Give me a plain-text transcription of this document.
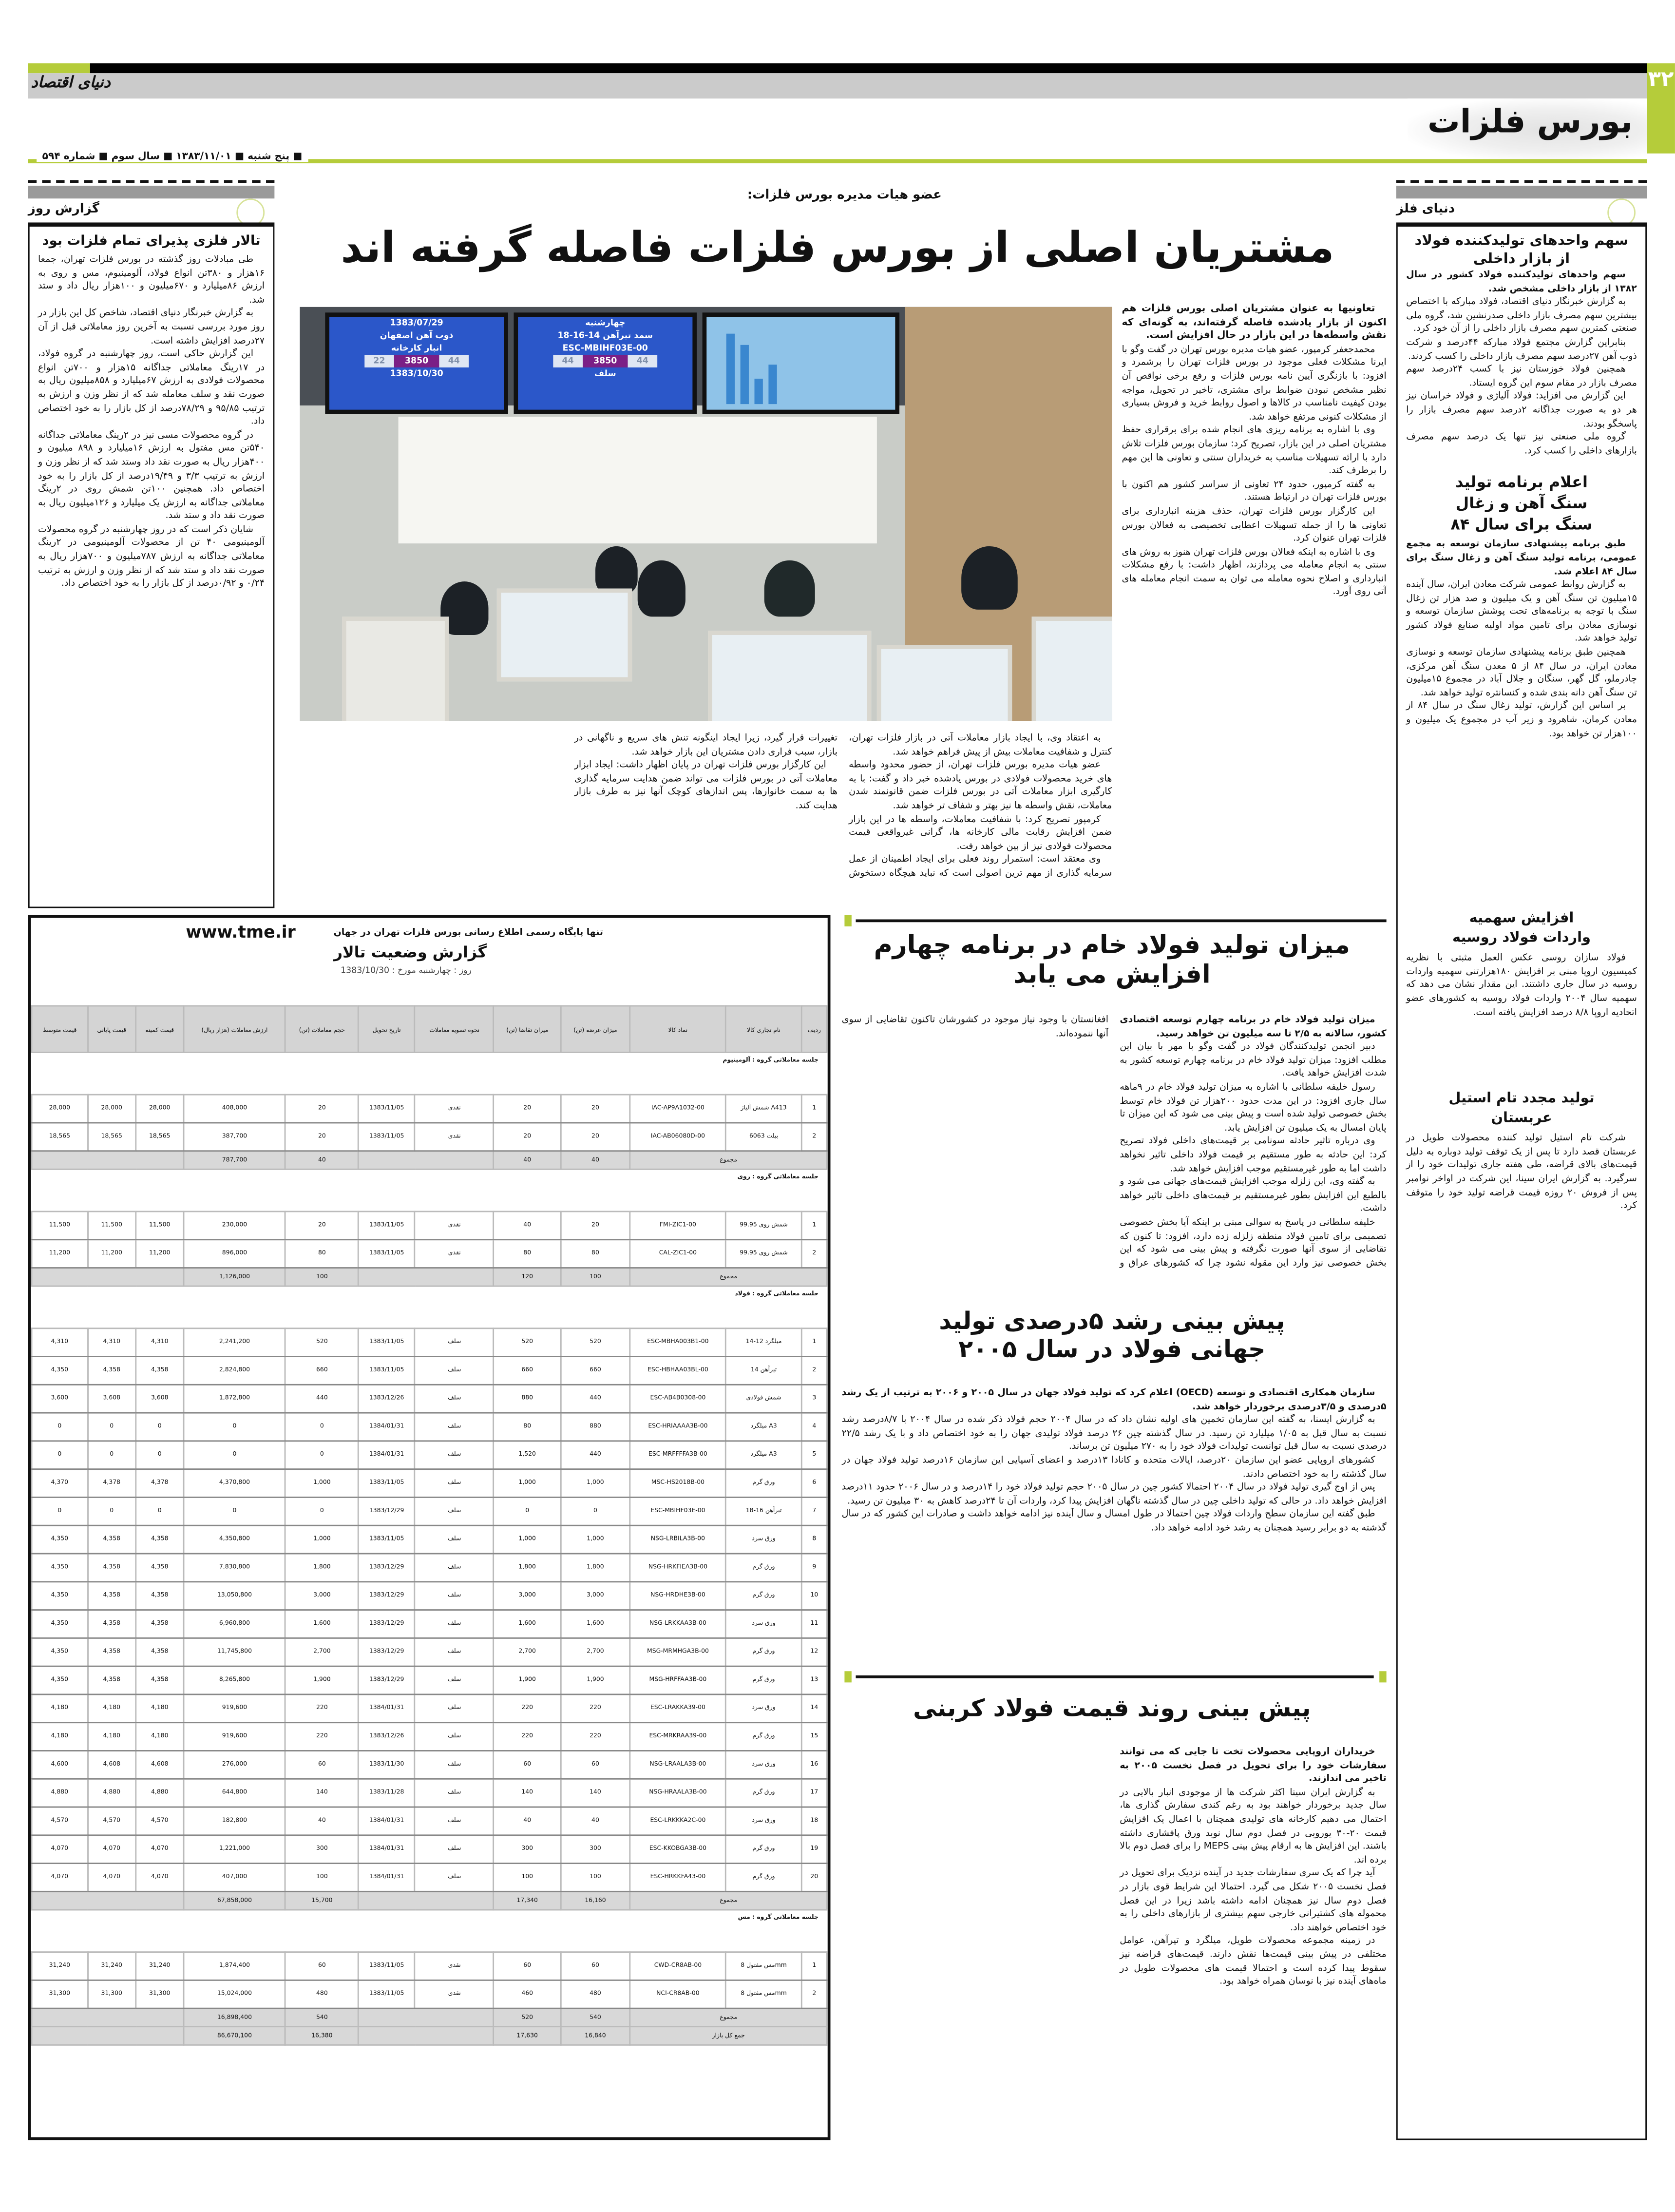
دنیای اقتصاد	۳۲
بورس فلزات
■ پنج شنبه ■ ۱۳۸۳/۱۱/۰۱ ■ سال سوم ■ شماره ۵۹۴
گزارش روز	دنیای فلز
عضو هیات مدیره بورس فلزات:
مشتریان اصلی از بورس فلزات فاصله گرفته اند
1383/07/29
ذوب آهن اصفهان
انبار کارخانه
44385022
1383/10/30
چهارشنبه
سمد تیرآهن 14-16-18
ESC-MBIHF03E-00
44385044
سلف

تعاونیها به عنوان مشتریان اصلی بورس فلزات هم اکنون از بازار یادشده فاصله گرفته‌اند، به گونه‌ای که نقش واسطه‌ها در این بازار در حال افزایش است.

محمدجعفر کرمپور، عضو هیات مدیره بورس تهران در گفت وگو با ایرنا مشکلات فعلی موجود در بورس فلزات تهران را برشمرد و افزود: با بازنگری آیین نامه بورس فلزات و رفع برخی نواقص آن نظیر مشخص نبودن ضوابط برای مشتری، تاخیر در تحویل، مواجه بودن کیفیت نامناسب در کالاها و اصول روابط خرید و فروش بسیاری از مشکلات کنونی مرتفع خواهد شد.

وی با اشاره به برنامه ریزی های انجام شده برای برقراری حفظ مشتریان اصلی در این بازار، تصریح کرد: سازمان بورس فلزات تلاش دارد با ارائه تسهیلات مناسب به خریداران سنتی و تعاونی ها این مهم را برطرف کند.

به گفته کرمپور، حدود ۲۴ تعاونی از سراسر کشور هم اکنون با بورس فلزات تهران در ارتباط هستند.

این کارگزار بورس فلزات تهران، حذف هزینه انبارداری برای تعاونی ها را از جمله تسهیلات اعطایی تخصیصی به فعالان بورس فلزات تهران عنوان کرد.

وی با اشاره به اینکه فعالان بورس فلزات تهران هنوز به روش های سنتی به انجام معامله می پردازند، اظهار داشت: با رفع مشکلات انبارداری و اصلاح نحوه معامله می توان به سمت انجام معامله های آتی روی آورد.

به اعتقاد وی، با ایجاد بازار معاملات آتی در بازار فلزات تهران، کنترل و شفافیت معاملات بیش از پیش فراهم خواهد شد.

عضو هیات مدیره بورس فلزات تهران، از حضور محدود واسطه های خرید محصولات فولادی در بورس یادشده خبر داد و گفت: با به کارگیری ابزار معاملات آتی در بورس فلزات ضمن قانونمند شدن معاملات، نقش واسطه ها نیز بهتر و شفاف تر خواهد شد.

کرمپور تصریح کرد: با شفافیت معاملات، واسطه ها در این بازار ضمن افزایش رقابت مالی کارخانه ها، گرانی غیرواقعی قیمت محصولات فولادی نیز از بین خواهد رفت.

وی معتقد است: استمرار روند فعلی برای ایجاد اطمینان از عمل سرمایه گذاری از مهم ترین اصولی است که نباید هیچگاه دستخوش تغییرات قرار گیرد، زیرا ایجاد اینگونه تنش های سریع و ناگهانی در بازار، سبب فراری دادن مشتریان این بازار خواهد شد.

این کارگزار بورس فلزات تهران در پایان اظهار داشت: ایجاد ابزار معاملات آتی در بورس فلزات می تواند ضمن هدایت سرمایه گذاری ها به سمت خانوارها، پس اندازهای کوچک آنها نیز به طرف بازار هدایت کند.

تالار فلزی پذیرای تمام فلزات بود

طی مبادلات روز گذشته در بورس فلزات تهران، جمعا ۱۶هزار و ۳۸۰تن انواع فولاد، آلومینیوم، مس و روی به ارزش ۸۶میلیارد و ۶۷۰میلیون و ۱۰۰هزار ریال داد و ستد شد.

به گزارش خبرنگار دنیای اقتصاد، شاخص کل این بازار در روز مورد بررسی نسبت به آخرین روز معاملاتی قبل از آن ۲۷درصد افزایش داشته است.

این گزارش حاکی است، روز چهارشنبه در گروه فولاد، در ۱۷رینگ معاملاتی جداگانه ۱۵هزار و ۷۰۰تن انواع محصولات فولادی به ارزش ۶۷میلیارد و ۸۵۸میلیون ریال به صورت نقد و سلف معامله شد که از نظر وزن و ارزش به ترتیب ۹۵/۸۵ و ۷۸/۲۹درصد از کل بازار را به خود اختصاص داد.

در گروه محصولات مسی نیز در ۲رینگ معاملاتی جداگانه ۵۴۰تن مس مفتول به ارزش ۱۶میلیارد و ۸۹۸ میلیون و ۴۰۰هزار ریال به صورت نقد داد وستد شد که از نظر وزن و ارزش به ترتیب ۳/۳ و ۱۹/۴۹درصد از کل بازار را به خود اختصاص داد. همچنین ۱۰۰تن شمش روی در ۲رینگ معاملاتی جداگانه به ارزش یک میلیارد و ۱۲۶میلیون ریال به صورت نقد داد و ستد شد.

شایان ذکر است که در روز چهارشنبه در گروه محصولات آلومینیومی ۴۰ تن از محصولات آلومینیومی در ۲رینگ معاملاتی جداگانه به ارزش ۷۸۷میلیون و ۷۰۰هزار ریال به صورت نقد داد و ستد شد که از نظر وزن و ارزش به ترتیب ۰/۲۴ و ۰/۹۲درصد از کل بازار را به خود اختصاص داد.

سهم واحدهای تولیدکننده فولاد از بازار داخلی

سهم واحدهای تولیدکننده فولاد کشور در سال ۱۳۸۲ از بازار داخلی مشخص شد.

به گزارش خبرنگار دنیای اقتصاد، فولاد مبارکه با اختصاص بیشترین سهم مصرف بازار داخلی صدرنشین شد، گروه ملی صنعتی کمترین سهم مصرف بازار داخلی را از آن خود کرد.

بنابراین گزارش مجتمع فولاد مبارکه ۴۴درصد و شرکت ذوب آهن ۲۷درصد سهم مصرف بازار داخلی را کسب کردند.

همچنین فولاد خوزستان نیز با کسب ۲۴درصد سهم مصرف بازار در مقام سوم این گروه ایستاد.

این گزارش می افزاید: فولاد آلیاژی و فولاد خراسان نیز هر دو به صورت جداگانه ۲درصد سهم مصرف بازار را پاسخگو بودند.

گروه ملی صنعتی نیز تنها یک درصد سهم مصرف بازارهای داخلی را کسب کرد.

اعلام برنامه تولید سنگ آهن و زغال سنگ برای سال ۸۴

طبق برنامه پیشنهادی سازمان توسعه به مجمع عمومی، برنامه تولید سنگ آهن و زغال سنگ برای سال ۸۴ اعلام شد.

به گزارش روابط عمومی شرکت معادن ایران، سال آینده ۱۵میلیون تن سنگ آهن و یک میلیون و صد هزار تن زغال سنگ با توجه به برنامه‌های تحت پوشش سازمان توسعه و نوسازی معادن برای تامین مواد اولیه صنایع فولاد کشور تولید خواهد شد.

همچنین طبق برنامه پیشنهادی سازمان توسعه و نوسازی معادن ایران، در سال ۸۴ از ۵ معدن سنگ آهن مرکزی، چادرملو، گل گهر، سنگان و جلال آباد در مجموع ۱۵میلیون تن سنگ آهن دانه بندی شده و کنسانتره تولید خواهد شد.

بر اساس این گزارش، تولید زغال سنگ در سال ۸۴ از معادن کرمان، شاهرود و زیر آب در مجموع یک میلیون و ۱۰۰هزار تن خواهد بود.

افزایش سهمیه واردات فولاد روسیه

فولاد سازان روسی عکس العمل مثبتی با نظریه کمیسیون اروپا مبنی بر افزایش ۱۸۰هزارتنی سهمیه واردات روسیه در سال جاری داشتند. این مقدار نشان می دهد که سهمیه سال ۲۰۰۴ واردات فولاد روسیه به کشورهای عضو اتحادیه اروپا ۸/۸ درصد افزایش یافته است.

تولید مجدد تام استیل عربستان

شرکت تام استیل تولید کننده محصولات طویل در عربستان قصد دارد تا پس از یک توقف تولید دوباره به دلیل قیمت‌های بالای قراضه، طی هفته جاری تولیدات خود را از سرگیرد. به گزارش ایران سینا، این شرکت در اواخر نوامبر پس از فروش ۲۰ روزه قیمت قراضه تولید خود را متوقف کرد.

www.tme.ir	تنها پایگاه رسمی اطلاع رسانی بورس فلزات تهران در جهان
گزارش وضعیت تالار
روز : چهارشنبه مورخ : 1383/10/30
ردیف	نام تجاری کالا	نماد کالا	میزان عرضه (تن)	میزان تقاضا (تن)	نحوه تسویه معاملات	تاریخ تحویل	حجم معاملات (تن)	ارزش معاملات (هزار ریال)	قیمت کمینه	قیمت پایانی	قیمت متوسط
جلسه معاملاتی گروه : آلومینیوم											
1	شمش آلیاژ A413	IAC-AP9A1032-00	20	20	نقدی	1383/11/05	20	408,000	28,000	28,000	28,000
2	بیلت 6063	IAC-AB06080D-00	20	20	نقدی	1383/11/05	20	387,700	18,565	18,565	18,565
مجموع			40	40			40	787,700			
جلسه معاملاتی گروه : روی											
1	شمش روی 99.95	FMI-ZIC1-00	20	40	نقدی	1383/11/05	20	230,000	11,500	11,500	11,500
2	شمش روی 99.95	CAL-ZIC1-00	80	80	نقدی	1383/11/05	80	896,000	11,200	11,200	11,200
مجموع			100	120			100	1,126,000			
جلسه معاملاتی گروه : فولاد											
1	میلگرد 12-14	ESC-MBHA003B1-00	520	520	سلف	1383/11/05	520	2,241,200	4,310	4,310	4,310
2	تیرآهن 14	ESC-HBHAA03BL-00	660	660	سلف	1383/11/05	660	2,824,800	4,358	4,358	4,350
3	شمش فولادی	ESC-AB4B0308-00	440	880	سلف	1383/12/26	440	1,872,800	3,608	3,608	3,600
4	میلگرد A3	ESC-HRIAAAA3B-00	880	80	سلف	1384/01/31	0	0	0	0	0
5	میلگرد A3	ESC-MRFFFFA3B-00	440	1,520	سلف	1384/01/31	0	0	0	0	0
6	ورق گرم	MSC-HS2018B-00	1,000	1,000	سلف	1383/11/05	1,000	4,370,800	4,378	4,378	4,370
7	تیرآهن 16-18	ESC-MBIHF03E-00	0	0	سلف	1383/12/29	0	0	0	0	0
8	ورق سرد	NSG-LRBILA3B-00	1,000	1,000	سلف	1383/11/05	1,000	4,350,800	4,358	4,358	4,350
9	ورق گرم	NSG-HRKFIEA3B-00	1,800	1,800	سلف	1383/12/29	1,800	7,830,800	4,358	4,358	4,350
10	ورق گرم	NSG-HRDHE3B-00	3,000	3,000	سلف	1383/12/29	3,000	13,050,800	4,358	4,358	4,350
11	ورق سرد	NSG-LRKKAA3B-00	1,600	1,600	سلف	1383/12/29	1,600	6,960,800	4,358	4,358	4,350
12	ورق گرم	MSG-MRMHGA3B-00	2,700	2,700	سلف	1383/12/29	2,700	11,745,800	4,358	4,358	4,350
13	ورق گرم	MSG-HRFFAA3B-00	1,900	1,900	سلف	1383/12/29	1,900	8,265,800	4,358	4,358	4,350
14	ورق سرد	ESC-LRAKKA39-00	220	220	سلف	1384/01/31	220	919,600	4,180	4,180	4,180
15	ورق گرم	ESC-MRKRAA39-00	220	220	سلف	1383/12/26	220	919,600	4,180	4,180	4,180
16	ورق سرد	NSG-LRAALA3B-00	60	60	سلف	1383/11/30	60	276,000	4,608	4,608	4,600
17	ورق گرم	NSG-HRAALA3B-00	140	140	سلف	1383/11/28	140	644,800	4,880	4,880	4,880
18	ورق سرد	ESC-LRKKKA2C-00	40	40	سلف	1384/01/31	40	182,800	4,570	4,570	4,570
19	ورق گرم	ESC-KKOBGA3B-00	300	300	سلف	1384/01/31	300	1,221,000	4,070	4,070	4,070
20	ورق گرم	ESC-HRKKFA43-00	100	100	سلف	1384/01/31	100	407,000	4,070	4,070	4,070
مجموع			16,160	17,340			15,700	67,858,000			
جلسه معاملاتی گروه : مس											
1	مس مفتول 8mm	CWD-CR8AB-00	60	60	نقدی	1383/11/05	60	1,874,400	31,240	31,240	31,240
2	مس مفتول 8mm	NCI-CR8AB-00	480	460	نقدی	1383/11/05	480	15,024,000	31,300	31,300	31,300
مجموع			540	520			540	16,898,400			
جمع کل بازار			16,840	17,630			16,380	86,670,100			
میزان تولید فولاد خام در برنامه چهارم افزایش می یابد

میزان تولید فولاد خام در برنامه چهارم توسعه اقتصادی کشور، سالانه به ۲/۵ تا سه میلیون تن خواهد رسید.

دبیر انجمن تولیدکنندگان فولاد در گفت وگو با مهر با بیان این مطلب افزود: میزان تولید فولاد خام در برنامه چهارم توسعه کشور به شدت افزایش خواهد یافت.

رسول خلیفه سلطانی با اشاره به میزان تولید فولاد خام در ۹ماهه سال جاری افزود: در این مدت حدود ۲۰۰هزار تن فولاد خام توسط بخش خصوصی تولید شده است و پیش بینی می شود که این میزان تا پایان امسال به یک میلیون تن افزایش یابد.

وی درباره تاثیر حادثه سونامی بر قیمت‌های داخلی فولاد تصریح کرد: این حادثه به طور مستقیم بر قیمت فولاد داخلی تاثیر نخواهد داشت اما به طور غیرمستقیم موجب افزایش خواهد شد.

به گفته وی، این زلزله موجب افزایش قیمت‌های جهانی می شود و بالطبع این افزایش بطور غیرمستقیم بر قیمت‌های داخلی تاثیر خواهد داشت.

خلیفه سلطانی در پاسخ به سوالی مبنی بر اینکه آیا بخش خصوصی تصمیمی برای تامین فولاد منطقه زلزله زده دارد، افزود: تا کنون که تقاضایی از سوی آنها صورت نگرفته و پیش بینی می شود که این بخش خصوصی نیز وارد این مقوله نشود چرا که کشورهای عراق و افغانستان با وجود نیاز موجود در کشورشان تاکنون تقاضایی از سوی آنها ننموده‌اند.

پیش بینی رشد ۵درصدی تولید جهانی فولاد در سال ۲۰۰۵

سازمان همکاری اقتصادی و توسعه (OECD) اعلام کرد که تولید فولاد جهان در سال ۲۰۰۵ و ۲۰۰۶ به ترتیب از یک رشد ۵درصدی و ۳/۵درصدی برخوردار خواهد شد.

به گزارش ایسنا، به گفته این سازمان تخمین های اولیه نشان داد که در سال ۲۰۰۴ حجم فولاد ذکر شده در سال ۲۰۰۴ با ۸/۷درصد رشد نسبت به سال قبل به ۱/۰۵ میلیارد تن رسید. در سال گذشته چین ۲۶ درصد فولاد تولیدی جهان را به خود اختصاص داد و با یک رشد ۲۲/۵ درصدی نسبت به سال قبل توانست تولیدات فولاد خود را به ۲۷۰ میلیون تن برساند.

کشورهای اروپایی عضو این سازمان ۲۰درصد، ایالات متحده و کانادا ۱۳درصد و اعضای آسیایی این سازمان ۱۶درصد تولید فولاد جهان در سال گذشته را به خود اختصاص دادند.

پس از اوج گیری تولید فولاد در سال ۲۰۰۴ احتمالا کشور چین در سال ۲۰۰۵ حجم تولید فولاد خود را ۱۴درصد و در سال ۲۰۰۶ حدود ۱۱درصد افزایش خواهد داد. در حالی که تولید داخلی چین در سال گذشته ناگهان افزایش پیدا کرد، واردات آن تا ۲۴درصد کاهش به ۳۰ میلیون تن رسید.

طبق گفته این سازمان سطح واردات فولاد چین احتمالا در طول امسال و سال آینده نیز ادامه خواهد داشت و صادرات این کشور که در سال گذشته به دو برابر رسید همچنان به رشد خود ادامه خواهد داد.

پیش بینی روند قیمت فولاد کربنی

خریداران اروپایی محصولات تخت تا جایی که می توانند سفارشات خود را برای تحویل در فصل نخست ۲۰۰۵ به تاخیر می اندازند.

به گزارش ایران سینا اکثر شرکت ها از موجودی انبار بالایی در سال جدید برخوردار خواهند بود به رغم کندی سفارش گذاری ها، احتمال می دهیم کارخانه های تولیدی همچنان با اعمال یک افزایش قیمت ۲۰-۳۰ یورویی در فصل دوم سال نوید ورق پافشاری داشته باشند. این افزایش ها به ارقام پیش بینی MEPS را برای فصل دوم بالا برده اند.

آید چرا که یک سری سفارشات جدید در آینده نزدیک برای تحویل در فصل نخست ۲۰۰۵ شکل می گیرد. احتمالا این شرایط قوی بازار در فصل دوم سال نیز همچنان ادامه داشته باشد زیرا در این فصل محموله های کشتیرانی خارجی سهم بیشتری از بازارهای داخلی را به خود اختصاص خواهند داد.

در زمینه مجموعه محصولات طویل، میلگرد و تیرآهن، عوامل مختلفی در پیش بینی قیمت‌ها نقش دارند. قیمت‌های قراضه نیز سقوط پیدا کرده است و احتمالا قیمت های محصولات طویل در ماه‌های آینده نیز با نوسان همراه خواهد بود.
